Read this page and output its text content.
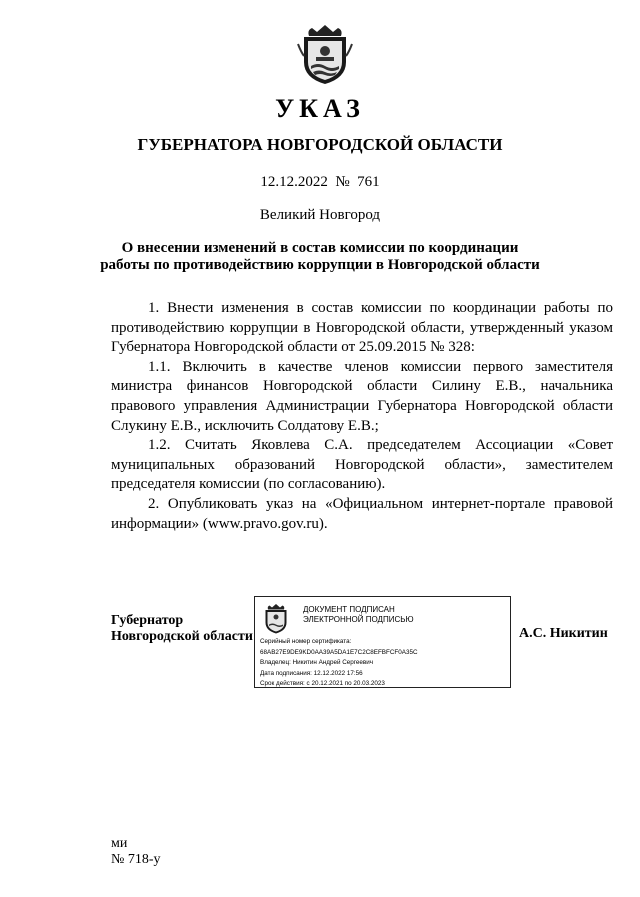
УКАЗ
ГУБЕРНАТОРА НОВГОРОДСКОЙ ОБЛАСТИ
12.12.2022 № 761
Великий Новгород
О внесении изменений в состав комиссии по координации работы по противодействию коррупции в Новгородской области

1. Внести изменения в состав комиссии по координации работы по противодействию коррупции в Новгородской области, утвержденный указом Губернатора Новгородской области от 25.09.2015 № 328:

1.1. Включить в качестве членов комиссии первого заместителя министра финансов Новгородской области Силину Е.В., начальника правового управления Администрации Губернатора Новгородской области Слукину Е.В., исключить Солдатову Е.В.;

1.2. Считать Яковлева С.А. председателем Ассоциации «Совет муниципальных образований Новгородской области», заместителем председателя комиссии (по согласованию).

2. Опубликовать указ на «Официальном интернет-портале правовой информации» (www.pravo.gov.ru).

Губернатор
Новгородской области
ДОКУМЕНТ ПОДПИСАН
ЭЛЕКТРОННОЙ ПОДПИСЬЮ
Серийный номер сертификата:
68AB27E9DE9KD0AA39A5DA1E7C2C8EFBFCF0A35C
Владелец: Никитин Андрей Сергеевич
Дата подписания: 12.12.2022 17:56
Срок действия: с 20.12.2021 по 20.03.2023
А.С. Никитин
ми
№ 718-у
